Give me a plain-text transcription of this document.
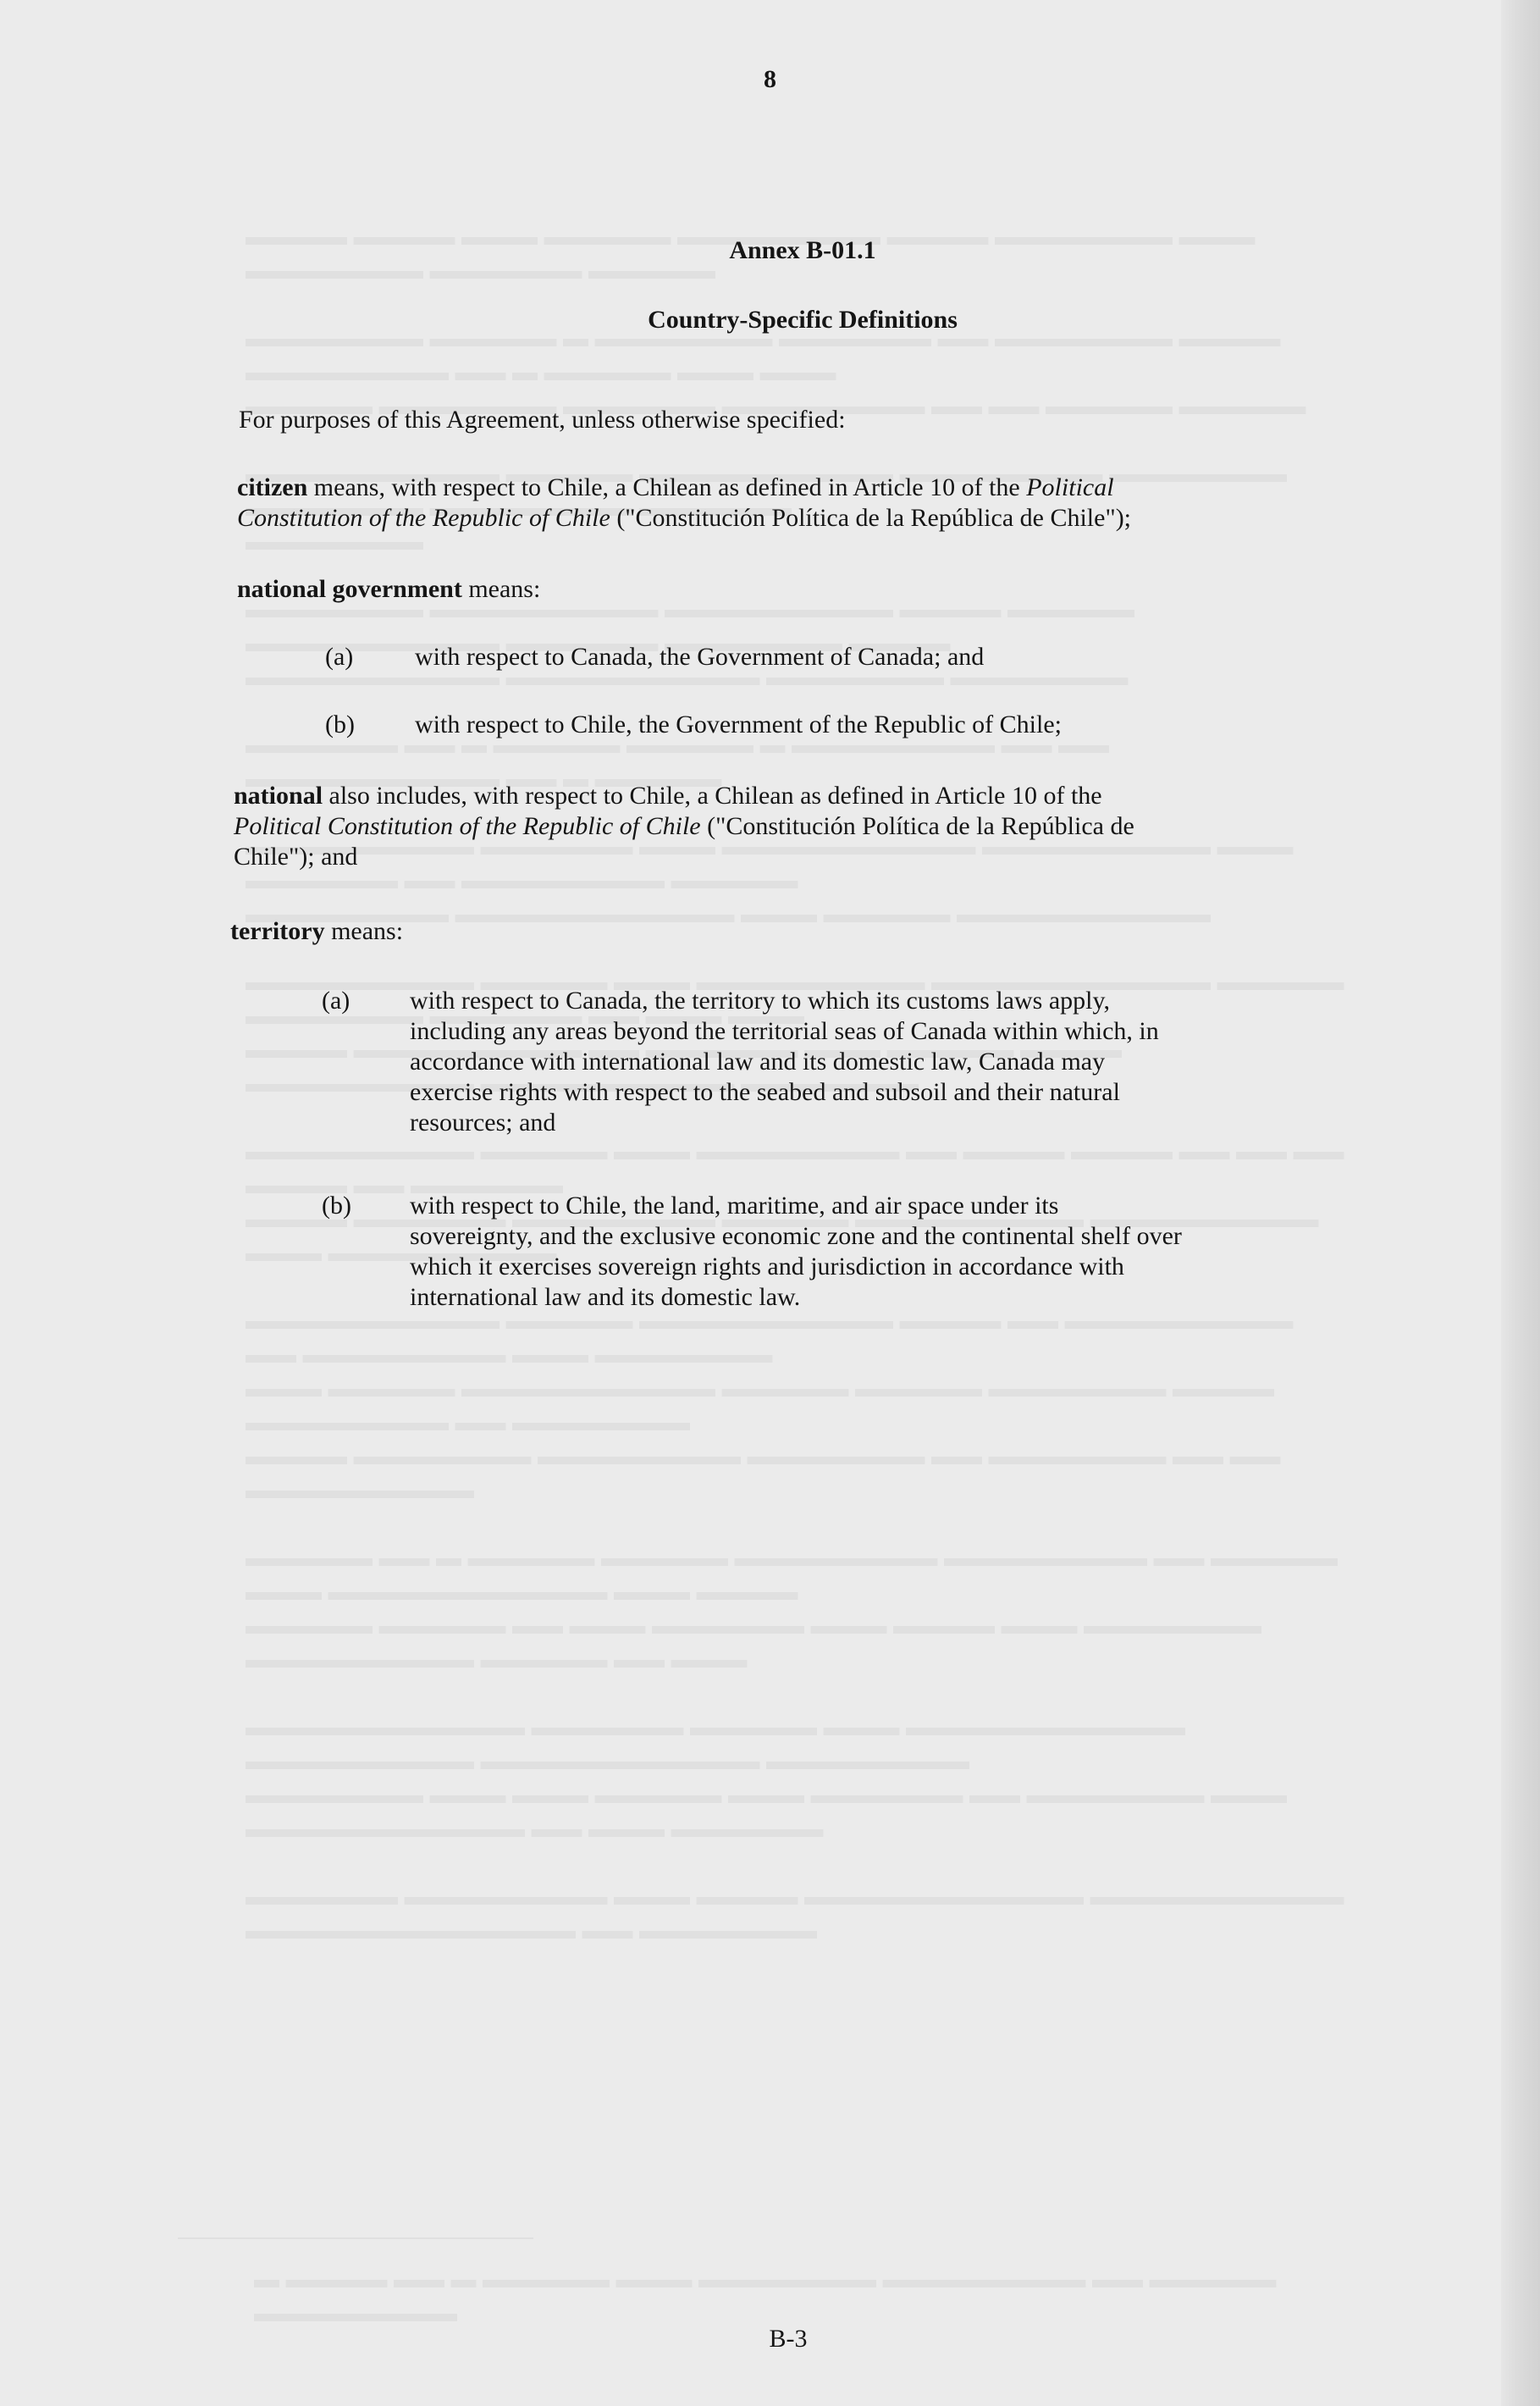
8
Annex B-01.1
Country-Specific Definitions
For purposes of this Agreement, unless otherwise specified:
citizen means, with respect to Chile, a Chilean as defined in Article 10 of the Political
Constitution of the Republic of Chile ("Constitución Política de la República de Chile");
national government means:
(a) with respect to Canada, the Government of Canada; and
(b) with respect to Chile, the Government of the Republic of Chile;
national also includes, with respect to Chile, a Chilean as defined in Article 10 of the
Political Constitution of the Republic of Chile ("Constitución Política de la República de
Chile"); and
territory means:
(a) with respect to Canada, the territory to which its customs laws apply,
including any areas beyond the territorial seas of Canada within which, in
accordance with international law and its domestic law, Canada may
exercise rights with respect to the seabed and subsoil and their natural
resources; and
(b) with respect to Chile, the land, maritime, and air space under its
sovereignty, and the exclusive economic zone and the continental shelf over
which it exercises sovereign rights and jurisdiction in accordance with
international law and its domestic law.
B-3
